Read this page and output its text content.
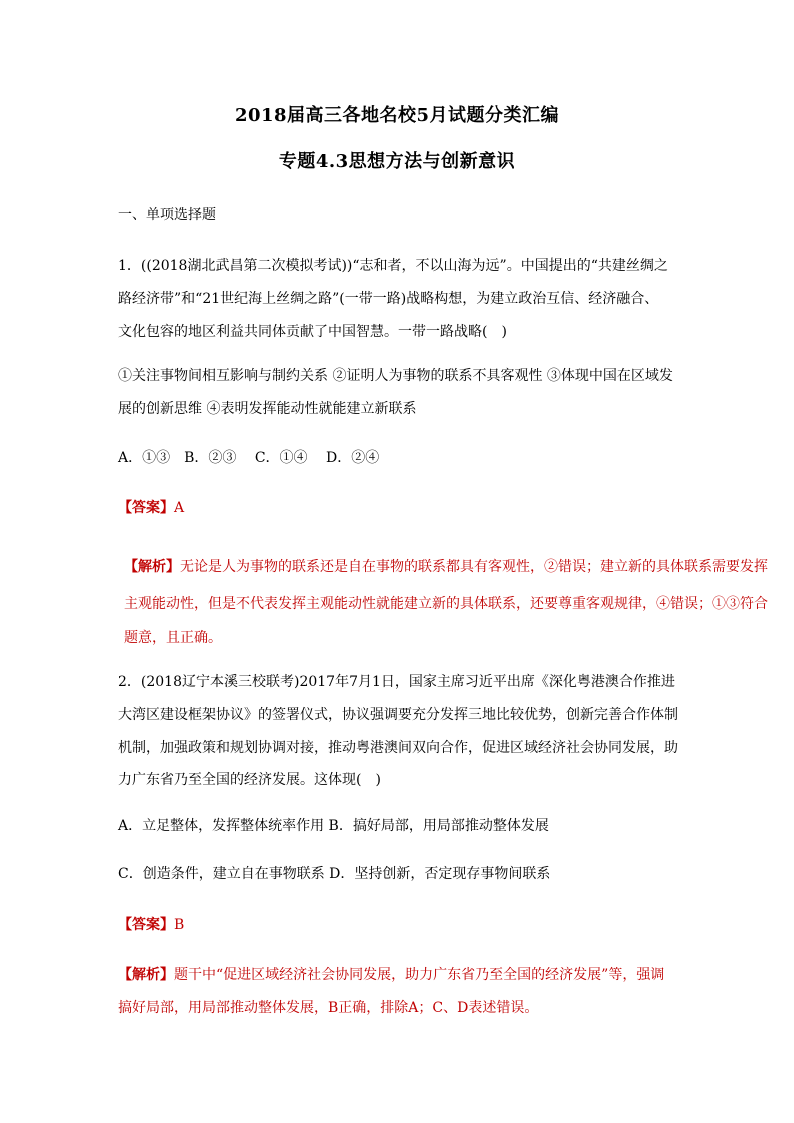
2018届高三各地名校5月试题分类汇编
专题4.3思想方法与创新意识
一、单项选择题
1．((2018湖北武昌第二次模拟考试))“志和者，不以山海为远”。中国提出的“共建丝绸之
路经济带”和“21世纪海上丝绸之路”(一带一路)战略构想，为建立政治互信、经济融合、
文化包容的地区利益共同体贡献了中国智慧。一带一路战略(　)
①关注事物间相互影响与制约关系 ②证明人为事物的联系不具客观性 ③体现中国在区域发
展的创新思维 ④表明发挥能动性就能建立新联系
A．①③　B．②③　 C．①④　 D．②④
【答案】A
【解析】无论是人为事物的联系还是自在事物的联系都具有客观性，②错误；建立新的具体联系需要发挥
主观能动性，但是不代表发挥主观能动性就能建立新的具体联系，还要尊重客观规律，④错误；①③符合
题意，且正确。
2．(2018辽宁本溪三校联考)2017年7月1日，国家主席习近平出席《深化粤港澳合作推进
大湾区建设框架协议》的签署仪式，协议强调要充分发挥三地比较优势，创新完善合作体制
机制，加强政策和规划协调对接，推动粤港澳间双向合作，促进区域经济社会协同发展，助
力广东省乃至全国的经济发展。这体现(　)
A．立足整体，发挥整体统率作用 B．搞好局部，用局部推动整体发展
C．创造条件，建立自在事物联系 D．坚持创新，否定现存事物间联系
【答案】B
【解析】题干中“促进区域经济社会协同发展，助力广东省乃至全国的经济发展”等，强调
搞好局部，用局部推动整体发展，B正确，排除A；C、D表述错误。
